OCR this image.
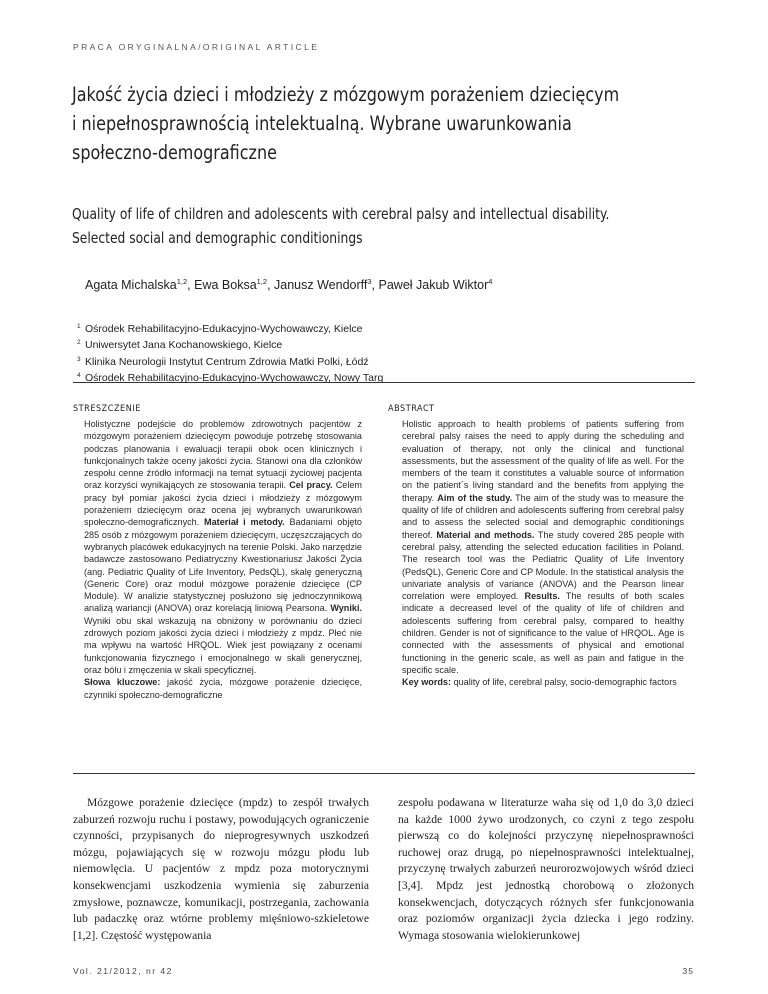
PRACA ORYGINALNA/ORIGINAL ARTICLE
Jakość życia dzieci i młodzieży z mózgowym porażeniem dziecięcym
i niepełnosprawnością intelektualną. Wybrane uwarunkowania
społeczno-demograficzne
Quality of life of children and adolescents with cerebral palsy and intellectual disability.
Selected social and demographic conditionings
Agata Michalska$^{1,2}$, Ewa Boksa$^{1,2}$, Janusz Wendorff$^3$, Paweł Jakub Wiktor$^4$
$^1$ Ośrodek Rehabilitacyjno-Edukacyjno-Wychowawczy, Kielce
$^2$ Uniwersytet Jana Kochanowskiego, Kielce
$^3$ Klinika Neurologii Instytut Centrum Zdrowia Matki Polki, Łódź
$^4$ Ośrodek Rehabilitacyjno-Edukacyjno-Wychowawczy, Nowy Targ
STRESZCZENIE
Holistyczne podejście do problemów zdrowotnych pacjentów z mózgowym porażeniem dziecięcym powoduje potrzebę stosowania podczas planowania i ewaluacji terapii obok ocen klinicznych i funkcjonalnych także oceny jakości życia. Stanowi ona dla członków zespołu cenne źródło informacji na temat sytuacji życiowej pacjenta oraz korzyści wynikających ze stosowania terapii. Cel pracy. Celem pracy był pomiar jakości życia dzieci i młodzieży z mózgowym porażeniem dziecięcym oraz ocena jej wybranych uwarunkowań społeczno-demograficznych. Materiał i metody. Badaniami objęto 285 osób z mózgowym porażeniem dziecięcym, uczęszczających do wybranych placówek edukacyjnych na terenie Polski. Jako narzędzie badawcze zastosowano Pediatryczny Kwestionariusz Jakości Życia (ang. Pediatric Quality of Life Inventory, PedsQL), skalę generyczną (Generic Core) oraz moduł mózgowe porażenie dziecięce (CP Module). W analizie statystycznej posłużono się jednoczynnikową analizą wariancji (ANOVA) oraz korelacją liniową Pearsona. Wyniki. Wyniki obu skal wskazują na obniżony w porównaniu do dzieci zdrowych poziom jakości życia dzieci i młodzieży z mpdz. Płeć nie ma wpływu na wartość HRQOL. Wiek jest powiązany z ocenami funkcjonowania fizycznego i emocjonalnego w skali generycznej, oraz bólu i zmęczenia w skali specyficznej.
Słowa kluczowe: jakość życia, mózgowe porażenie dziecięce, czynniki społeczno-demograficzne
ABSTRACT
Holistic approach to health problems of patients suffering from cerebral palsy raises the need to apply during the scheduling and evaluation of therapy, not only the clinical and functional assessments, but the assessment of the quality of life as well. For the members of the team it constitutes a valuable source of information on the patient´s living standard and the benefits from applying the therapy. Aim of the study. The aim of the study was to measure the quality of life of children and adolescents suffering from cerebral palsy and to assess the selected social and demographic conditionings thereof. Material and methods. The study covered 285 people with cerebral palsy, attending the selected education facilities in Poland. The research tool was the Pediatric Quality of Life Inventory (PedsQL), Generic Core and CP Module. In the statistical analysis the univariate analysis of variance (ANOVA) and the Pearson linear correlation were employed. Results. The results of both scales indicate a decreased level of the quality of life of children and adolescents suffering from cerebral palsy, compared to healthy children. Gender is not of significance to the value of HRQOL. Age is connected with the assessments of physical and emotional functioning in the generic scale, as well as pain and fatigue in the specific scale.
Key words: quality of life, cerebral palsy, socio-demographic factors
Mózgowe porażenie dziecięce (mpdz) to zespół trwałych zaburzeń rozwoju ruchu i postawy, powodujących ograniczenie czynności, przypisanych do nieprogresywnych uszkodzeń mózgu, pojawiających się w rozwoju mózgu płodu lub niemowlęcia. U pacjentów z mpdz poza motorycznymi konsekwencjami uszkodzenia wymienia się zaburzenia zmysłowe, poznawcze, komunikacji, postrzegania, zachowania lub padaczkę oraz wtórne problemy mięśniowo-szkieletowe [1,2]. Częstość występowania
zespołu podawana w literaturze waha się od 1,0 do 3,0 dzieci na każde 1000 żywo urodzonych, co czyni z tego zespołu pierwszą co do kolejności przyczynę niepełnosprawności ruchowej oraz drugą, po niepełnosprawności intelektualnej, przyczynę trwałych zaburzeń neurorozwojowych wśród dzieci [3,4]. Mpdz jest jednostką chorobową o złożonych konsekwencjach, dotyczących różnych sfer funkcjonowania oraz poziomów organizacji życia dziecka i jego rodziny. Wymaga stosowania wielokierunkowej
Vol. 21/2012, nr 42	35
